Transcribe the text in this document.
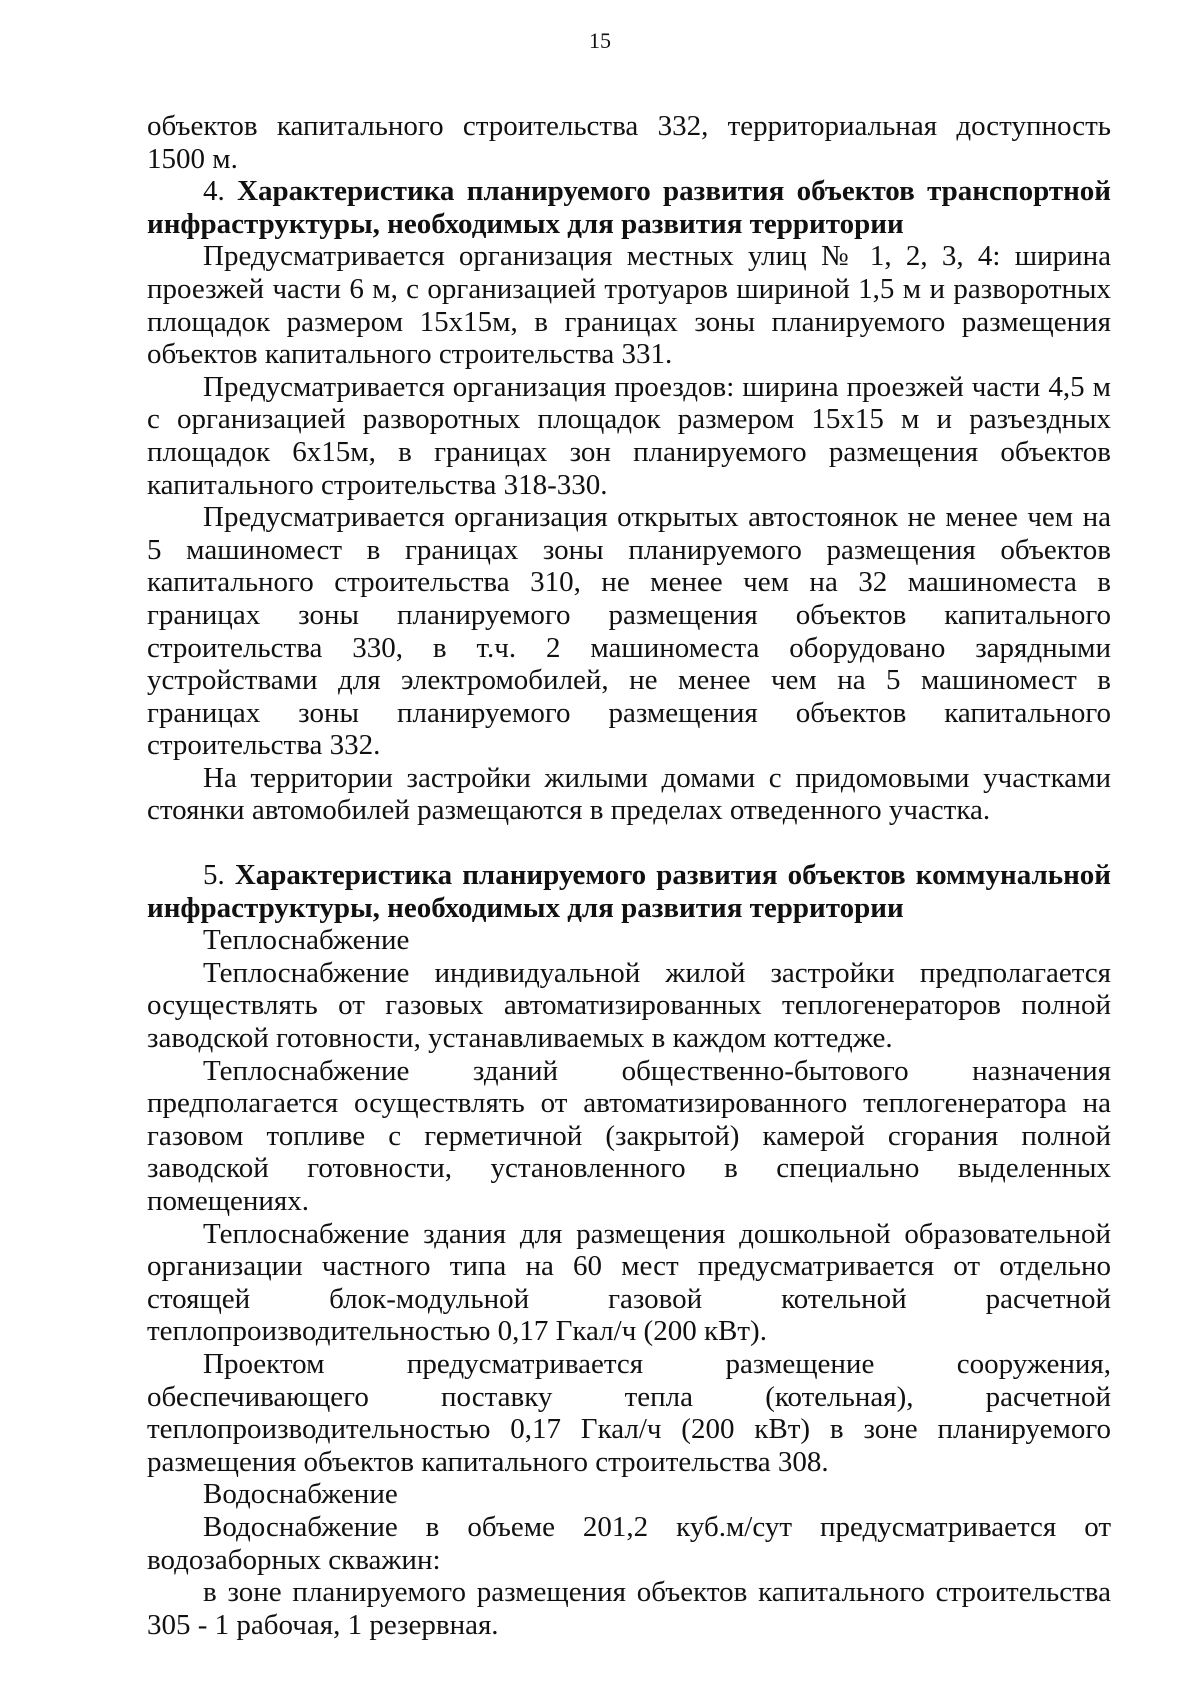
15

объектов капитального строительства 332, территориальная доступность 1500 м.

4. Характеристика планируемого развития объектов транспортной инфраструктуры, необходимых для развития территории

Предусматривается организация местных улиц № 1, 2, 3, 4: ширина проезжей части 6 м, с организацией тротуаров шириной 1,5 м и разворотных площадок размером 15х15м, в границах зоны планируемого размещения объектов капитального строительства 331.

Предусматривается организация проездов: ширина проезжей части 4,5 м с организацией разворотных площадок размером 15х15 м и разъездных площадок 6х15м, в границах зон планируемого размещения объектов капитального строительства 318-330.

Предусматривается организация открытых автостоянок не менее чем на 5 машиномест в границах зоны планируемого размещения объектов капитального строительства 310, не менее чем на 32 машиноместа в границах зоны планируемого размещения объектов капитального строительства 330, в т.ч. 2 машиноместа оборудовано зарядными устройствами для электромобилей, не менее чем на 5 машиномест в границах зоны планируемого размещения объектов капитального строительства 332.

На территории застройки жилыми домами с придомовыми участками стоянки автомобилей размещаются в пределах отведенного участка.

5. Характеристика планируемого развития объектов коммунальной инфраструктуры, необходимых для развития территории

Теплоснабжение

Теплоснабжение индивидуальной жилой застройки предполагается осуществлять от газовых автоматизированных теплогенераторов полной заводской готовности, устанавливаемых в каждом коттедже.

Теплоснабжение зданий общественно-бытового назначения предполагается осуществлять от автоматизированного теплогенератора на газовом топливе с герметичной (закрытой) камерой сгорания полной заводской готовности, установленного в специально выделенных помещениях.

Теплоснабжение здания для размещения дошкольной образовательной организации частного типа на 60 мест предусматривается от отдельно стоящей блок-модульной газовой котельной расчетной теплопроизводительностью 0,17 Гкал/ч (200 кВт).

Проектом предусматривается размещение сооружения, обеспечивающего поставку тепла (котельная), расчетной теплопроизводительностью 0,17 Гкал/ч (200 кВт) в зоне планируемого размещения объектов капитального строительства 308.

Водоснабжение

Водоснабжение в объеме 201,2 куб.м/сут предусматривается от водозаборных скважин:

в зоне планируемого размещения объектов капитального строительства 305 - 1 рабочая, 1 резервная.
